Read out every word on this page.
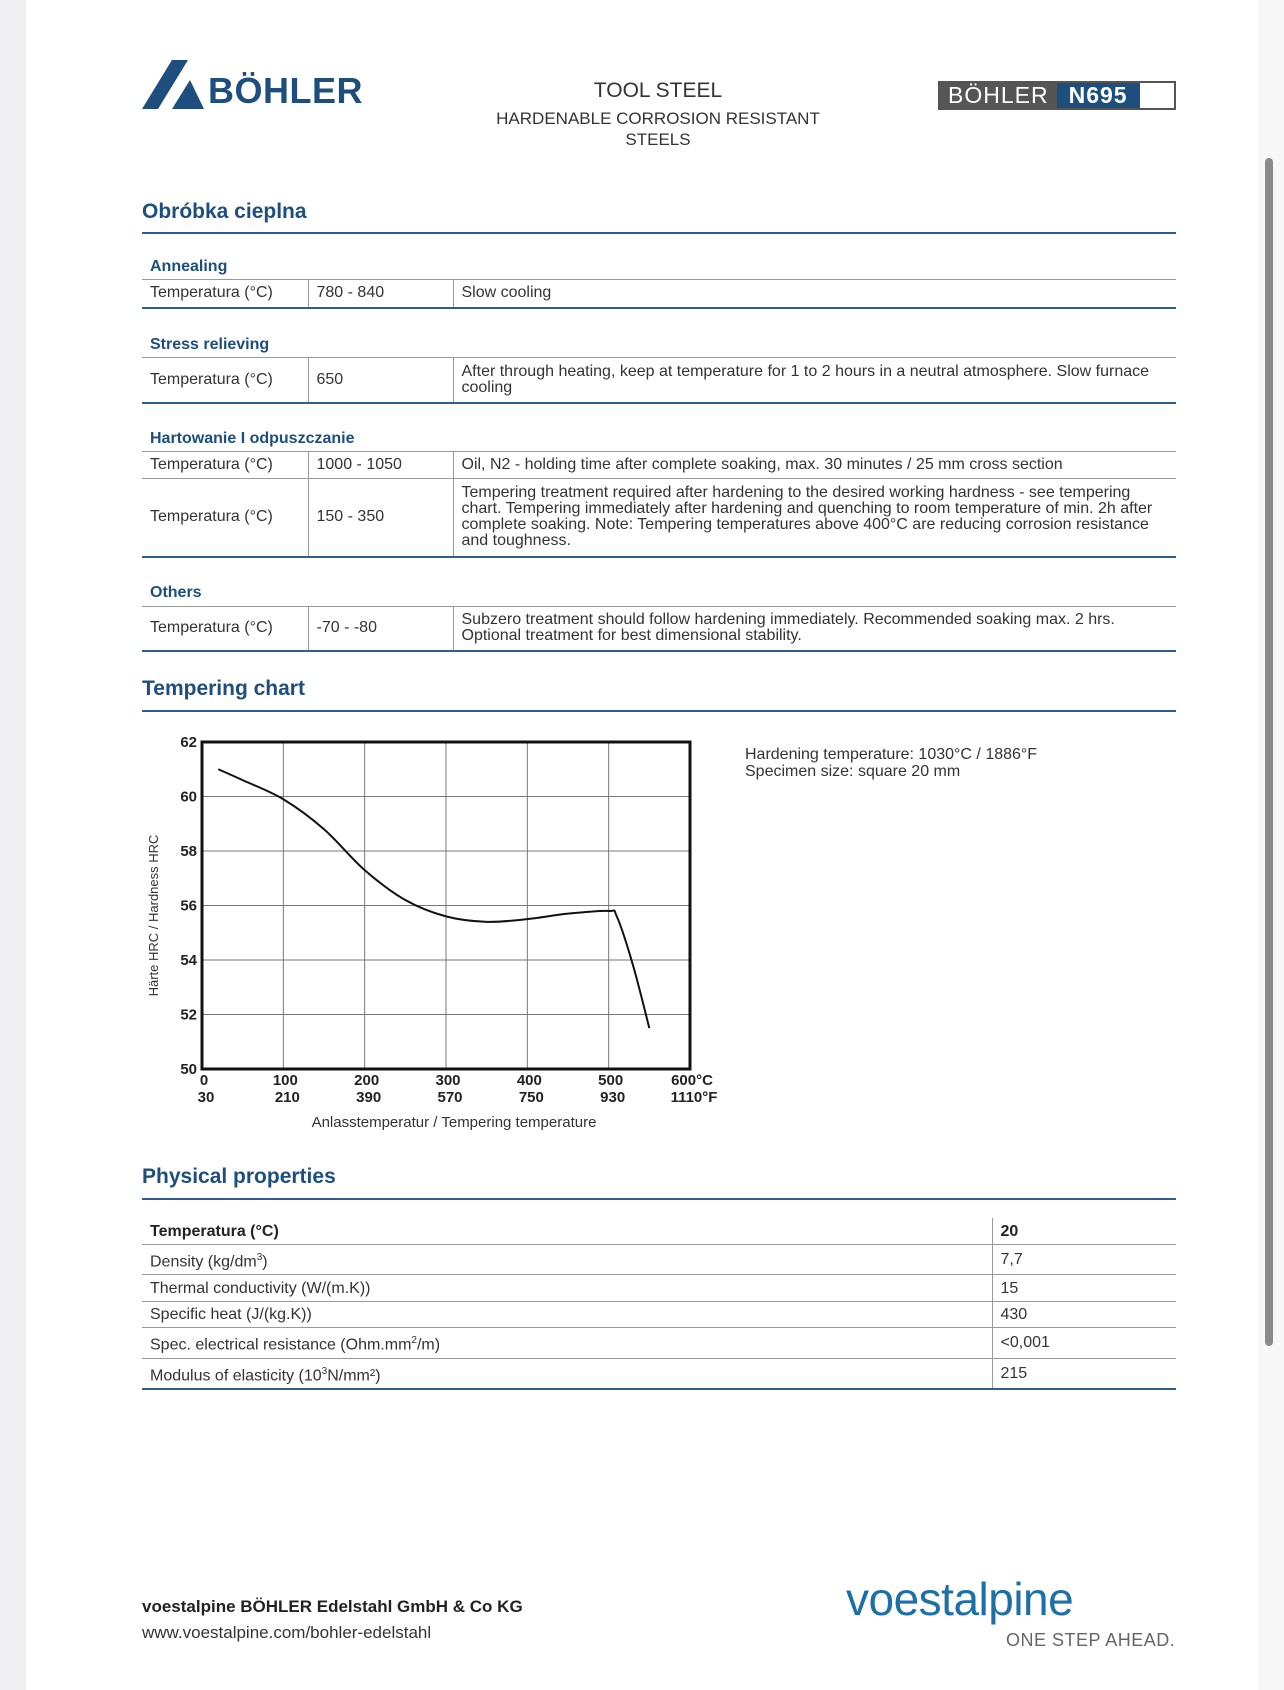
BÖHLER	TOOL STEEL
HARDENABLE CORROSION RESISTANT
STEELS
BÖHLER N695
Obróbka cieplna
Annealing
Temperatura (°C)	780 - 840	Slow cooling
Stress relieving
Temperatura (°C)	650	After through heating, keep at temperature for 1 to 2 hours in a neutral atmosphere. Slow furnace cooling
Hartowanie I odpuszczanie
Temperatura (°C)	1000 - 1050	Oil, N2 - holding time after complete soaking, max. 30 minutes / 25 mm cross section
Temperatura (°C)	150 - 350	Tempering treatment required after hardening to the desired working hardness - see tempering chart. Tempering immediately after hardening and quenching to room temperature of min. 2h after complete soaking. Note: Tempering temperatures above 400°C are reducing corrosion resistance and toughness.
Others
Temperatura (°C)	-70 - -80	Subzero treatment should follow hardening immediately. Recommended soaking max. 2 hrs. Optional treatment for best dimensional stability.
Tempering chart
50
52
54
56
58
60
62
0
30
100
210
200
390
300
570
400
750
500
930
600°C
1110°F
Anlasstemperatur / Tempering temperature
Härte HRC / Hardness HRC
Hardening temperature: 1030°C / 1886°F
Specimen size: square 20 mm
Physical properties
Temperatura (°C)	20
Density $(kg/dm^3)$	7,7
Thermal conductivity (W/(m.K))	15
Specific heat (J/(kg.K))	430
Spec. electrical resistance $(Ohm.mm^2/m)$	<0,001
Modulus of elasticity $(10^3N/mm^2)$	215
voestalpine BÖHLER Edelstahl GmbH & Co KG
www.voestalpine.com/bohler-edelstahl
voestalpine
ONE STEP AHEAD.
